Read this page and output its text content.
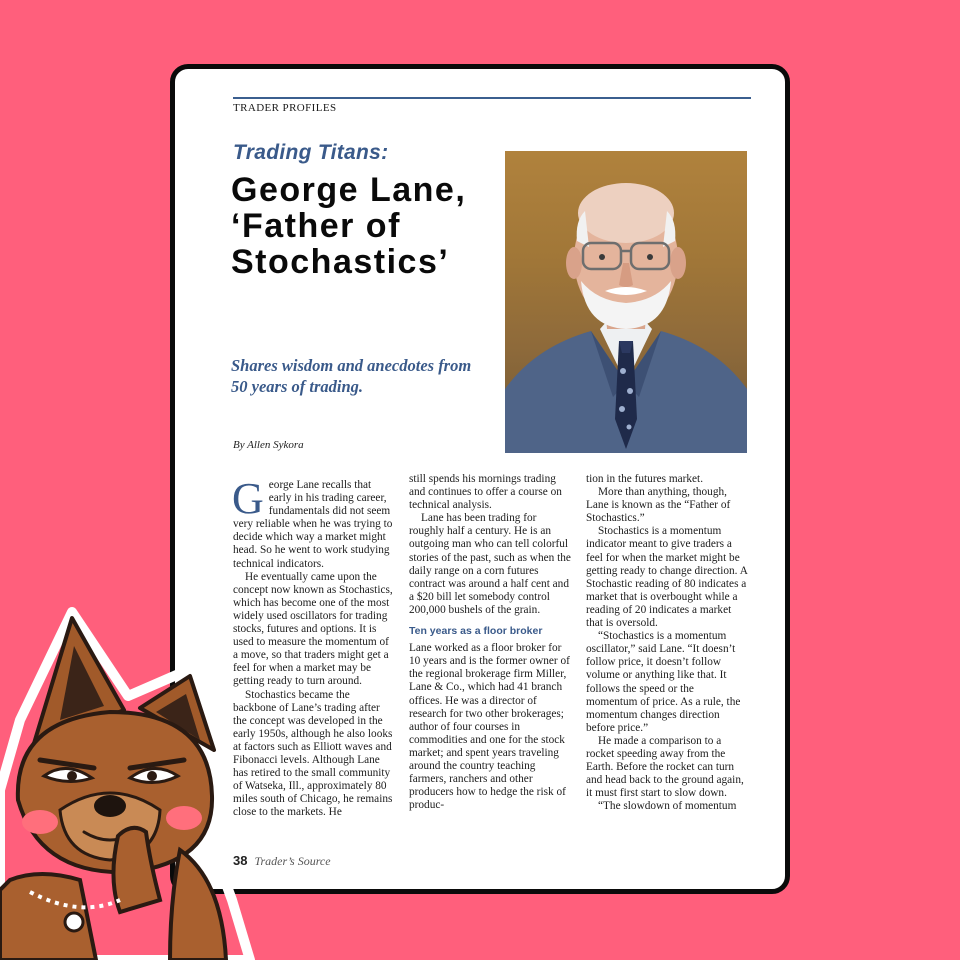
TRADER PROFILES
Trading Titans:
George Lane, ‘Father of Stochastics’
Shares wisdom and anecdotes from 50 years of trading.
By Allen Sykora

George Lane recalls that early in his trading career, fundamentals did not seem very reliable when he was trying to decide which way a market might head. So he went to work studying technical indicators.

He eventually came upon the concept now known as Stochastics, which has become one of the most widely used oscillators for trading stocks, futures and options. It is used to measure the momentum of a move, so that traders might get a feel for when a market may be getting ready to turn around.

Stochastics became the backbone of Lane’s trading after the concept was developed in the early 1950s, although he also looks at factors such as Elliott waves and Fibonacci levels. Although Lane has retired to the small community of Watseka, Ill., approximately 80 miles south of Chicago, he remains close to the markets. He

still spends his mornings trading and continues to offer a course on technical analysis.

Lane has been trading for roughly half a century. He is an outgoing man who can tell colorful stories of the past, such as when the daily range on a corn futures contract was around a half cent and a $20 bill let somebody control 200,000 bushels of the grain.

Ten years as a floor broker

Lane worked as a floor broker for 10 years and is the former owner of the regional brokerage firm Miller, Lane & Co., which had 41 branch offices. He was a director of research for two other brokerages; author of four courses in commodities and one for the stock market; and spent years traveling around the country teaching farmers, ranchers and other producers how to hedge the risk of produc-

tion in the futures market.

More than anything, though, Lane is known as the “Father of Stochastics.”

Stochastics is a momentum indicator meant to give traders a feel for when the market might be getting ready to change direction. A Stochastic reading of 80 indicates a market that is overbought while a reading of 20 indicates a market that is oversold.

“Stochastics is a momentum oscillator,” said Lane. “It doesn’t follow price, it doesn’t follow volume or anything like that. It follows the speed or the momentum of price. As a rule, the momentum changes direction before price.”

He made a comparison to a rocket speeding away from the Earth. Before the rocket can turn and head back to the ground again, it must first start to slow down.

“The slowdown of momentum

38 Trader’s Source
